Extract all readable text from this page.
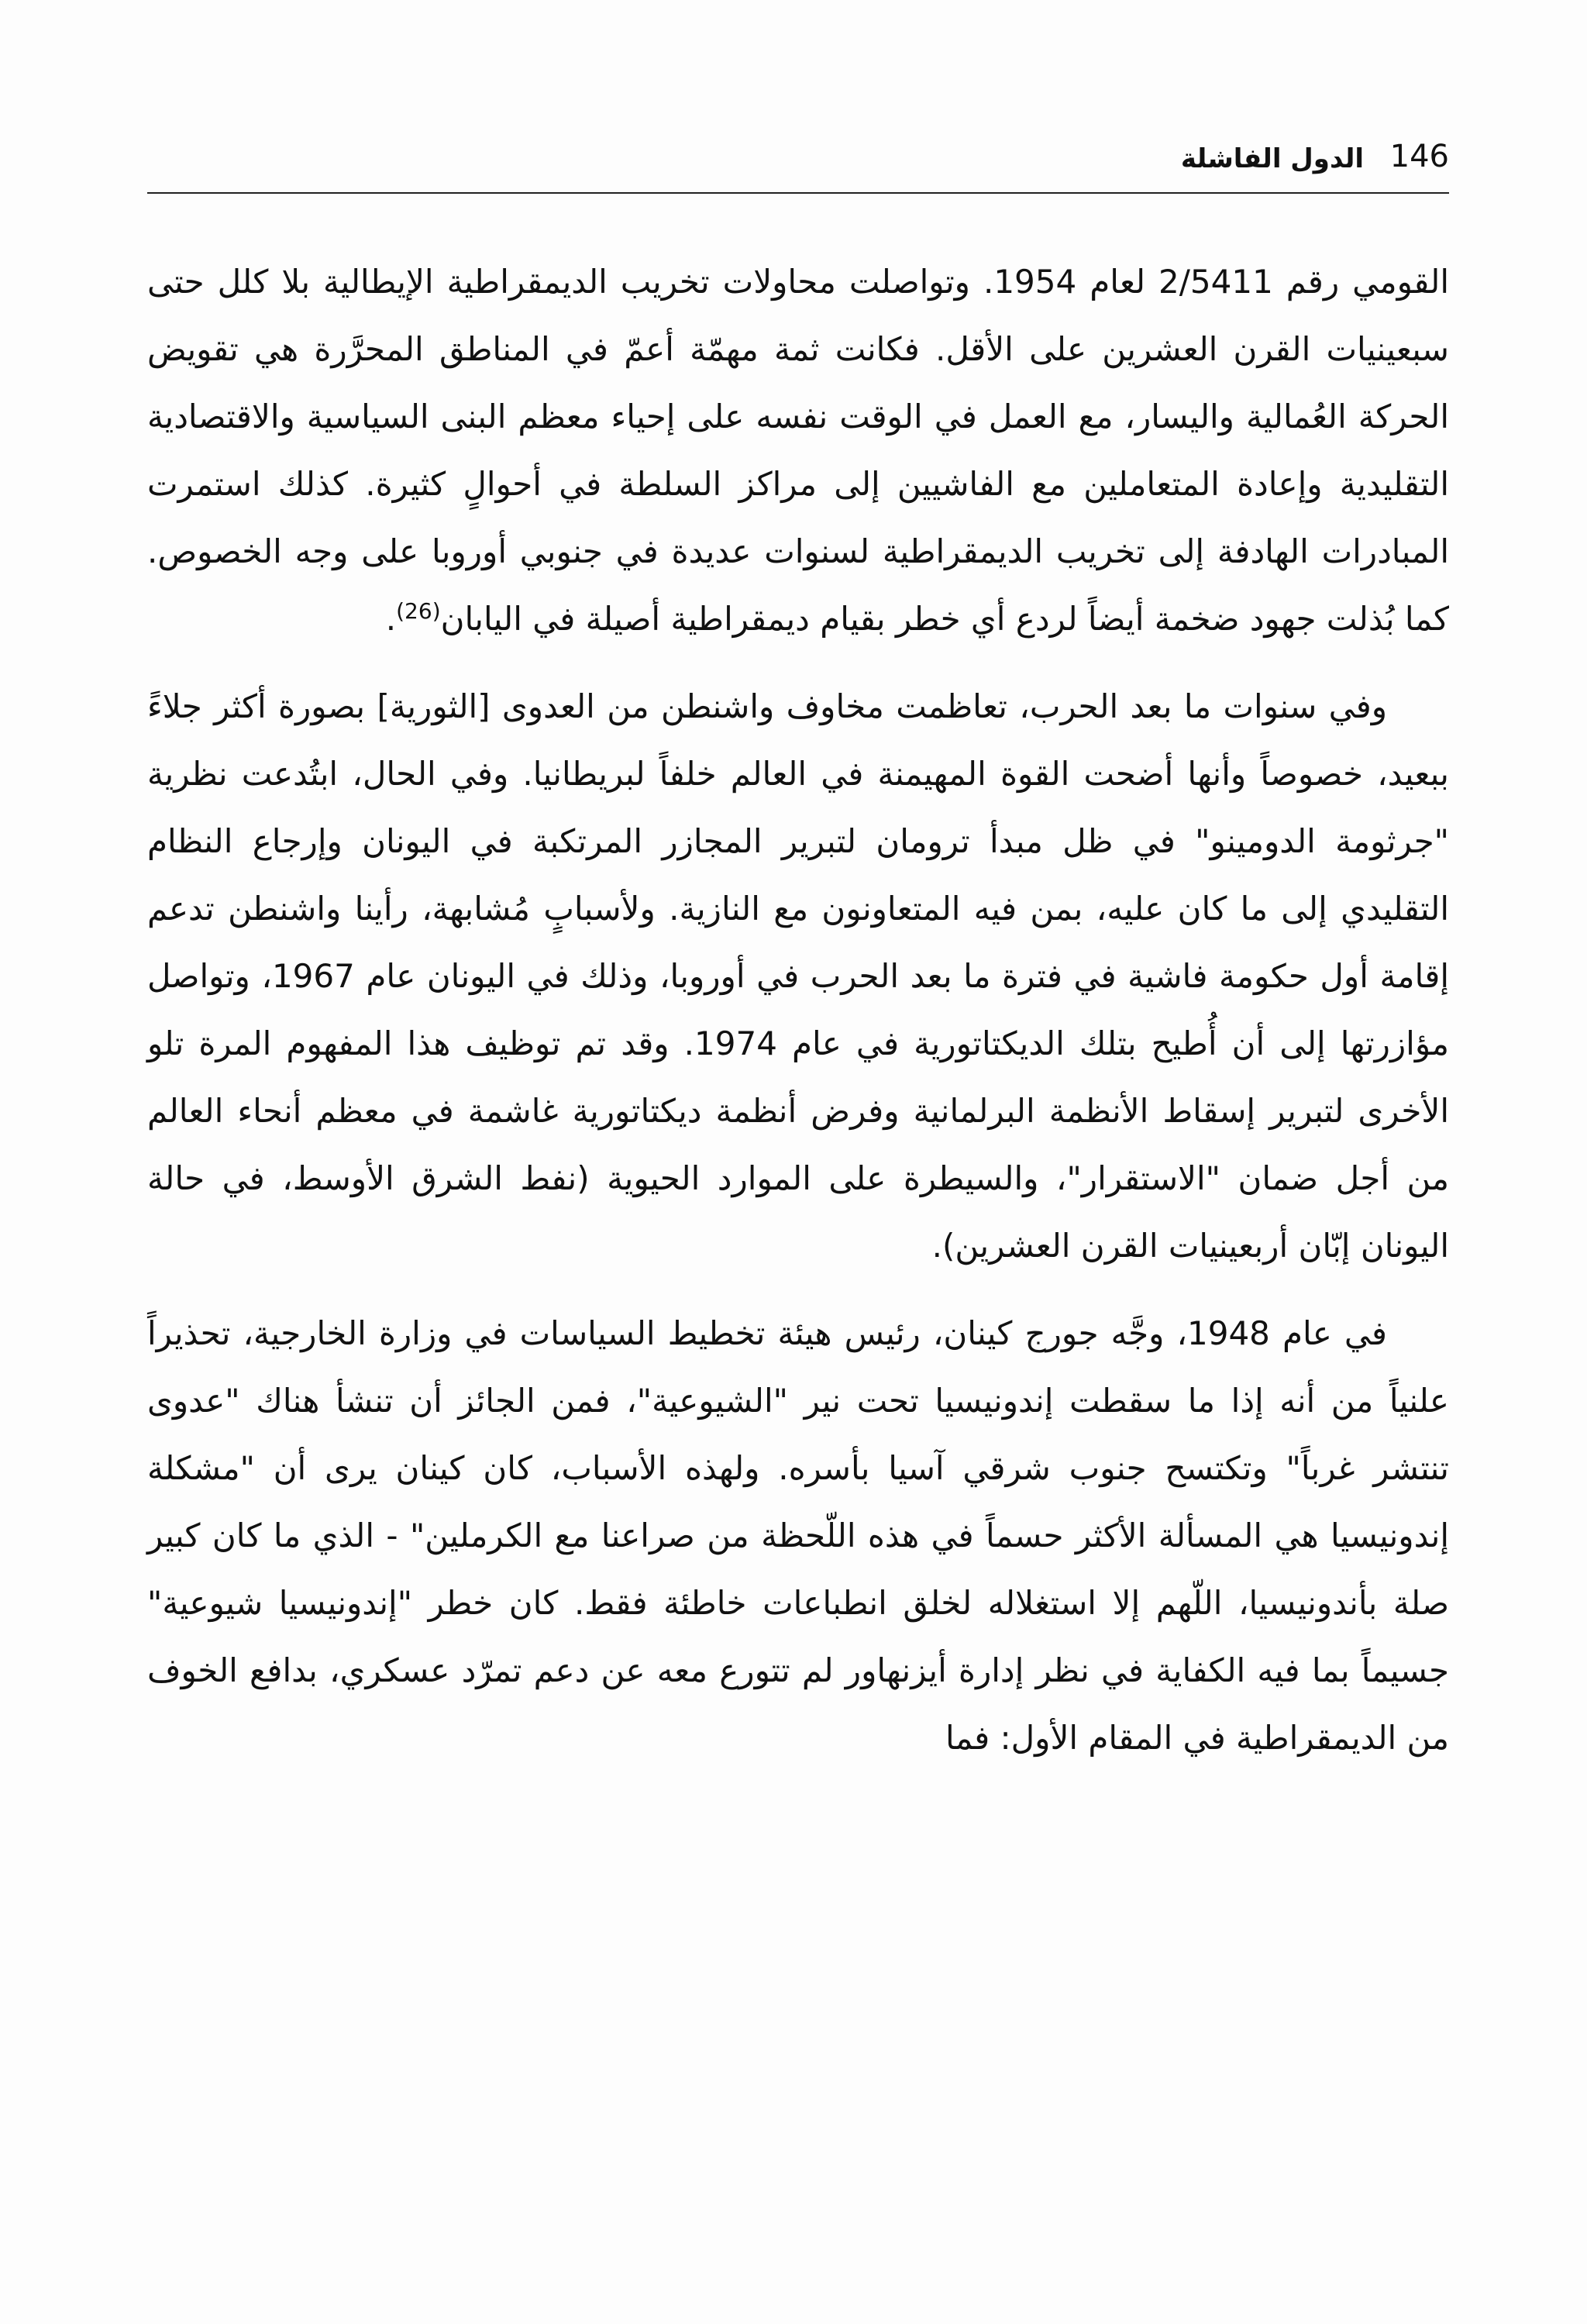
146
الدول الفاشلة

القومي رقم 2/5411 لعام 1954. وتواصلت محاولات تخريب الديمقراطية الإيطالية بلا كلل حتى سبعينيات القرن العشرين على الأقل. فكانت ثمة مهمّة أعمّ في المناطق المحرَّرة هي تقويض الحركة العُمالية واليسار، مع العمل في الوقت نفسه على إحياء معظم البنى السياسية والاقتصادية التقليدية وإعادة المتعاملين مع الفاشيين إلى مراكز السلطة في أحوالٍ كثيرة. كذلك استمرت المبادرات الهادفة إلى تخريب الديمقراطية لسنوات عديدة في جنوبي أوروبا على وجه الخصوص. كما بُذلت جهود ضخمة أيضاً لردع أي خطر بقيام ديمقراطية أصيلة في اليابان$^{(26)}$.

وفي سنوات ما بعد الحرب، تعاظمت مخاوف واشنطن من العدوى [الثورية] بصورة أكثر جلاءً ببعيد، خصوصاً وأنها أضحت القوة المهيمنة في العالم خلفاً لبريطانيا. وفي الحال، ابتُدعت نظرية "جرثومة الدومينو" في ظل مبدأ ترومان لتبرير المجازر المرتكبة في اليونان وإرجاع النظام التقليدي إلى ما كان عليه، بمن فيه المتعاونون مع النازية. ولأسبابٍ مُشابهة، رأينا واشنطن تدعم إقامة أول حكومة فاشية في فترة ما بعد الحرب في أوروبا، وذلك في اليونان عام 1967، وتواصل مؤازرتها إلى أن أُطيح بتلك الديكتاتورية في عام 1974. وقد تم توظيف هذا المفهوم المرة تلو الأخرى لتبرير إسقاط الأنظمة البرلمانية وفرض أنظمة ديكتاتورية غاشمة في معظم أنحاء العالم من أجل ضمان "الاستقرار"، والسيطرة على الموارد الحيوية (نفط الشرق الأوسط، في حالة اليونان إبّان أربعينيات القرن العشرين).

في عام 1948، وجَّه جورج كينان، رئيس هيئة تخطيط السياسات في وزارة الخارجية، تحذيراً علنياً من أنه إذا ما سقطت إندونيسيا تحت نير "الشيوعية"، فمن الجائز أن تنشأ هناك "عدوى تنتشر غرباً" وتكتسح جنوب شرقي آسيا بأسره. ولهذه الأسباب، كان كينان يرى أن "مشكلة إندونيسيا هي المسألة الأكثر حسماً في هذه اللّحظة من صراعنا مع الكرملين" - الذي ما كان كبير صلة بأندونيسيا، اللّهم إلا استغلاله لخلق انطباعات خاطئة فقط. كان خطر "إندونيسيا شيوعية" جسيماً بما فيه الكفاية في نظر إدارة أيزنهاور لم تتورع معه عن دعم تمرّد عسكري، بدافع الخوف من الديمقراطية في المقام الأول: فما
